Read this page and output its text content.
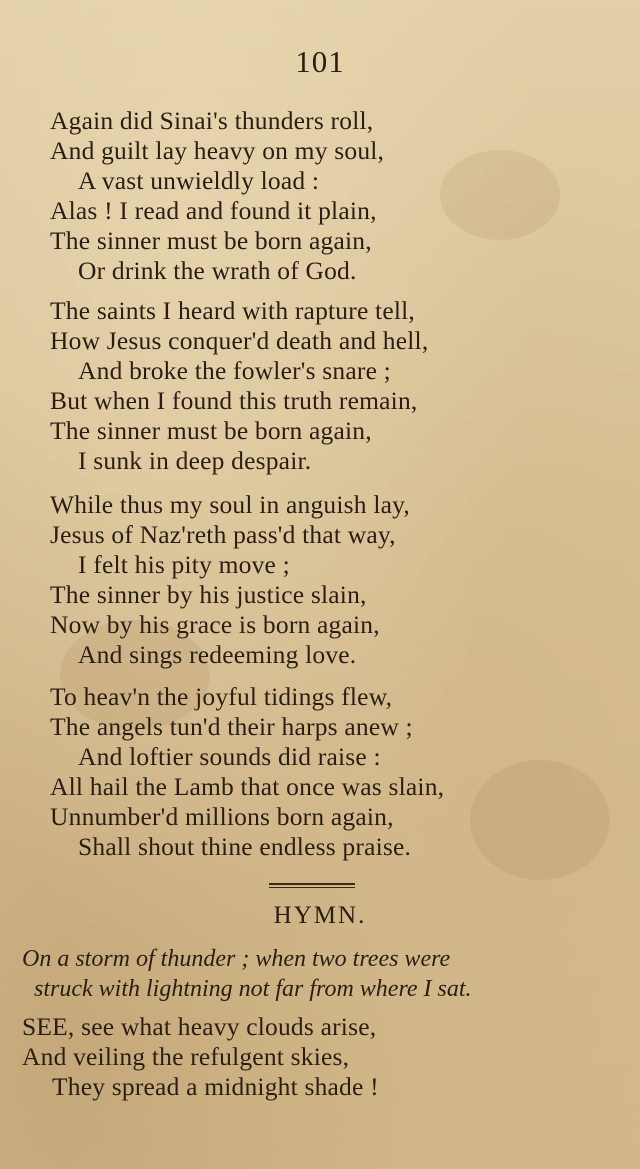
101
Again did Sinai's thunders roll,
And guilt lay heavy on my soul,
A vast unwieldly load :
Alas ! I read and found it plain,
The sinner must be born again,
Or drink the wrath of God.
The saints I heard with rapture tell,
How Jesus conquer'd death and hell,
And broke the fowler's snare ;
But when I found this truth remain,
The sinner must be born again,
I sunk in deep despair.
While thus my soul in anguish lay,
Jesus of Naz'reth pass'd that way,
I felt his pity move ;
The sinner by his justice slain,
Now by his grace is born again,
And sings redeeming love.
To heav'n the joyful tidings flew,
The angels tun'd their harps anew ;
And loftier sounds did raise :
All hail the Lamb that once was slain,
Unnumber'd millions born again,
Shall shout thine endless praise.
HYMN.
On a storm of thunder ; when two trees were
struck with lightning not far from where I sat.
SEE, see what heavy clouds arise,
And veiling the refulgent skies,
They spread a midnight shade !
